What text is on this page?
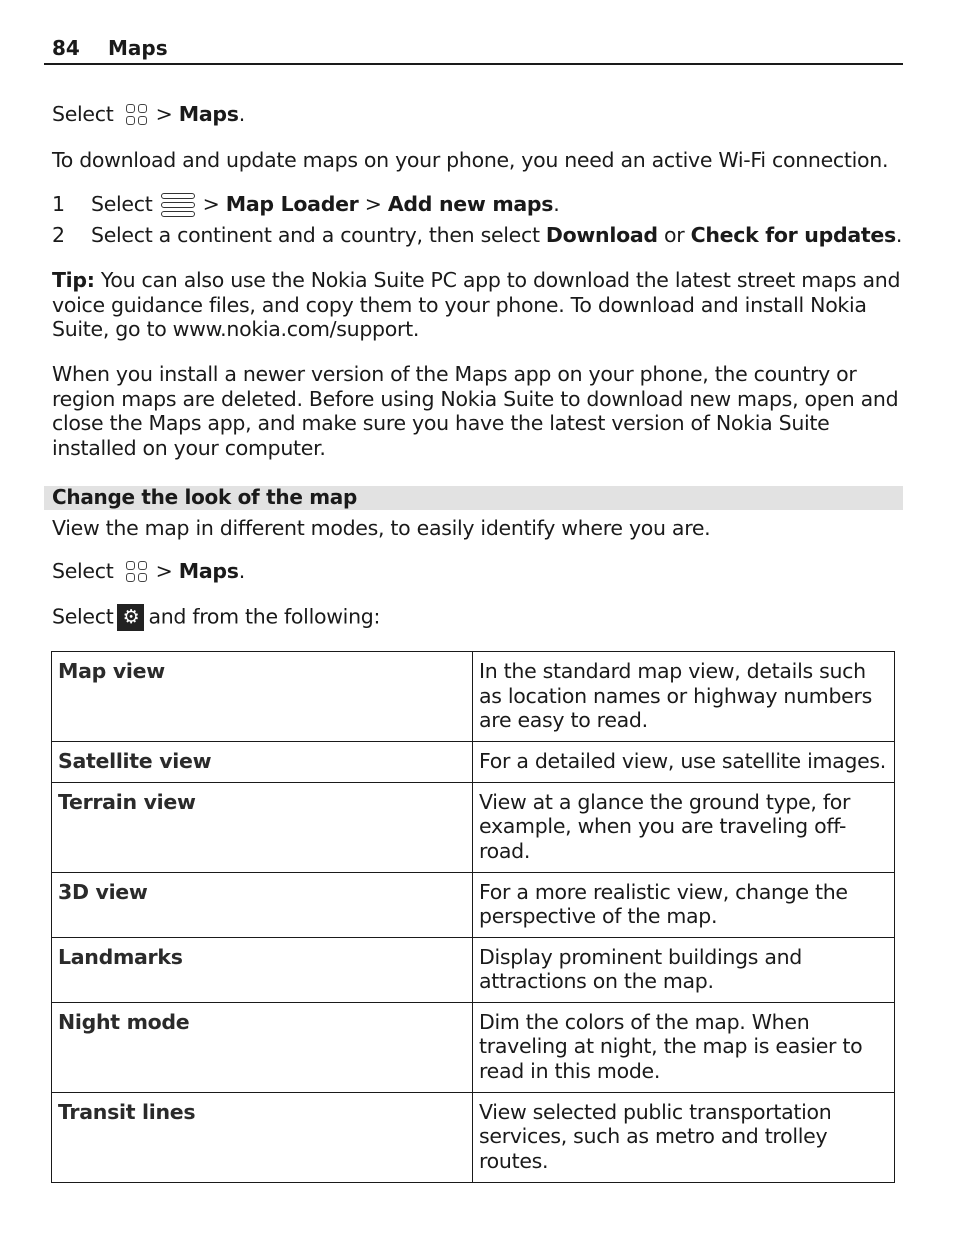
84 Maps
Select > Maps.
To download and update maps on your phone, you need an active Wi-Fi connection.
1 Select > Map Loader > Add new maps.
2 Select a continent and a country, then select Download or Check for updates.
Tip: You can also use the Nokia Suite PC app to download the latest street maps and voice guidance files, and copy them to your phone. To download and install Nokia Suite, go to www.nokia.com/support.
When you install a newer version of the Maps app on your phone, the country or region maps are deleted. Before using Nokia Suite to download new maps, open and close the Maps app, and make sure you have the latest version of Nokia Suite installed on your computer.
Change the look of the map
View the map in different modes, to easily identify where you are.
Select > Maps.
Select ⚙ and from the following:
Map view	In the standard map view, details such as location names or highway numbers are easy to read.
Satellite view	For a detailed view, use satellite images.
Terrain view	View at a glance the ground type, for example, when you are traveling off-road.
3D view	For a more realistic view, change the perspective of the map.
Landmarks	Display prominent buildings and attractions on the map.
Night mode	Dim the colors of the map. When traveling at night, the map is easier to read in this mode.
Transit lines	View selected public transportation services, such as metro and trolley routes.
